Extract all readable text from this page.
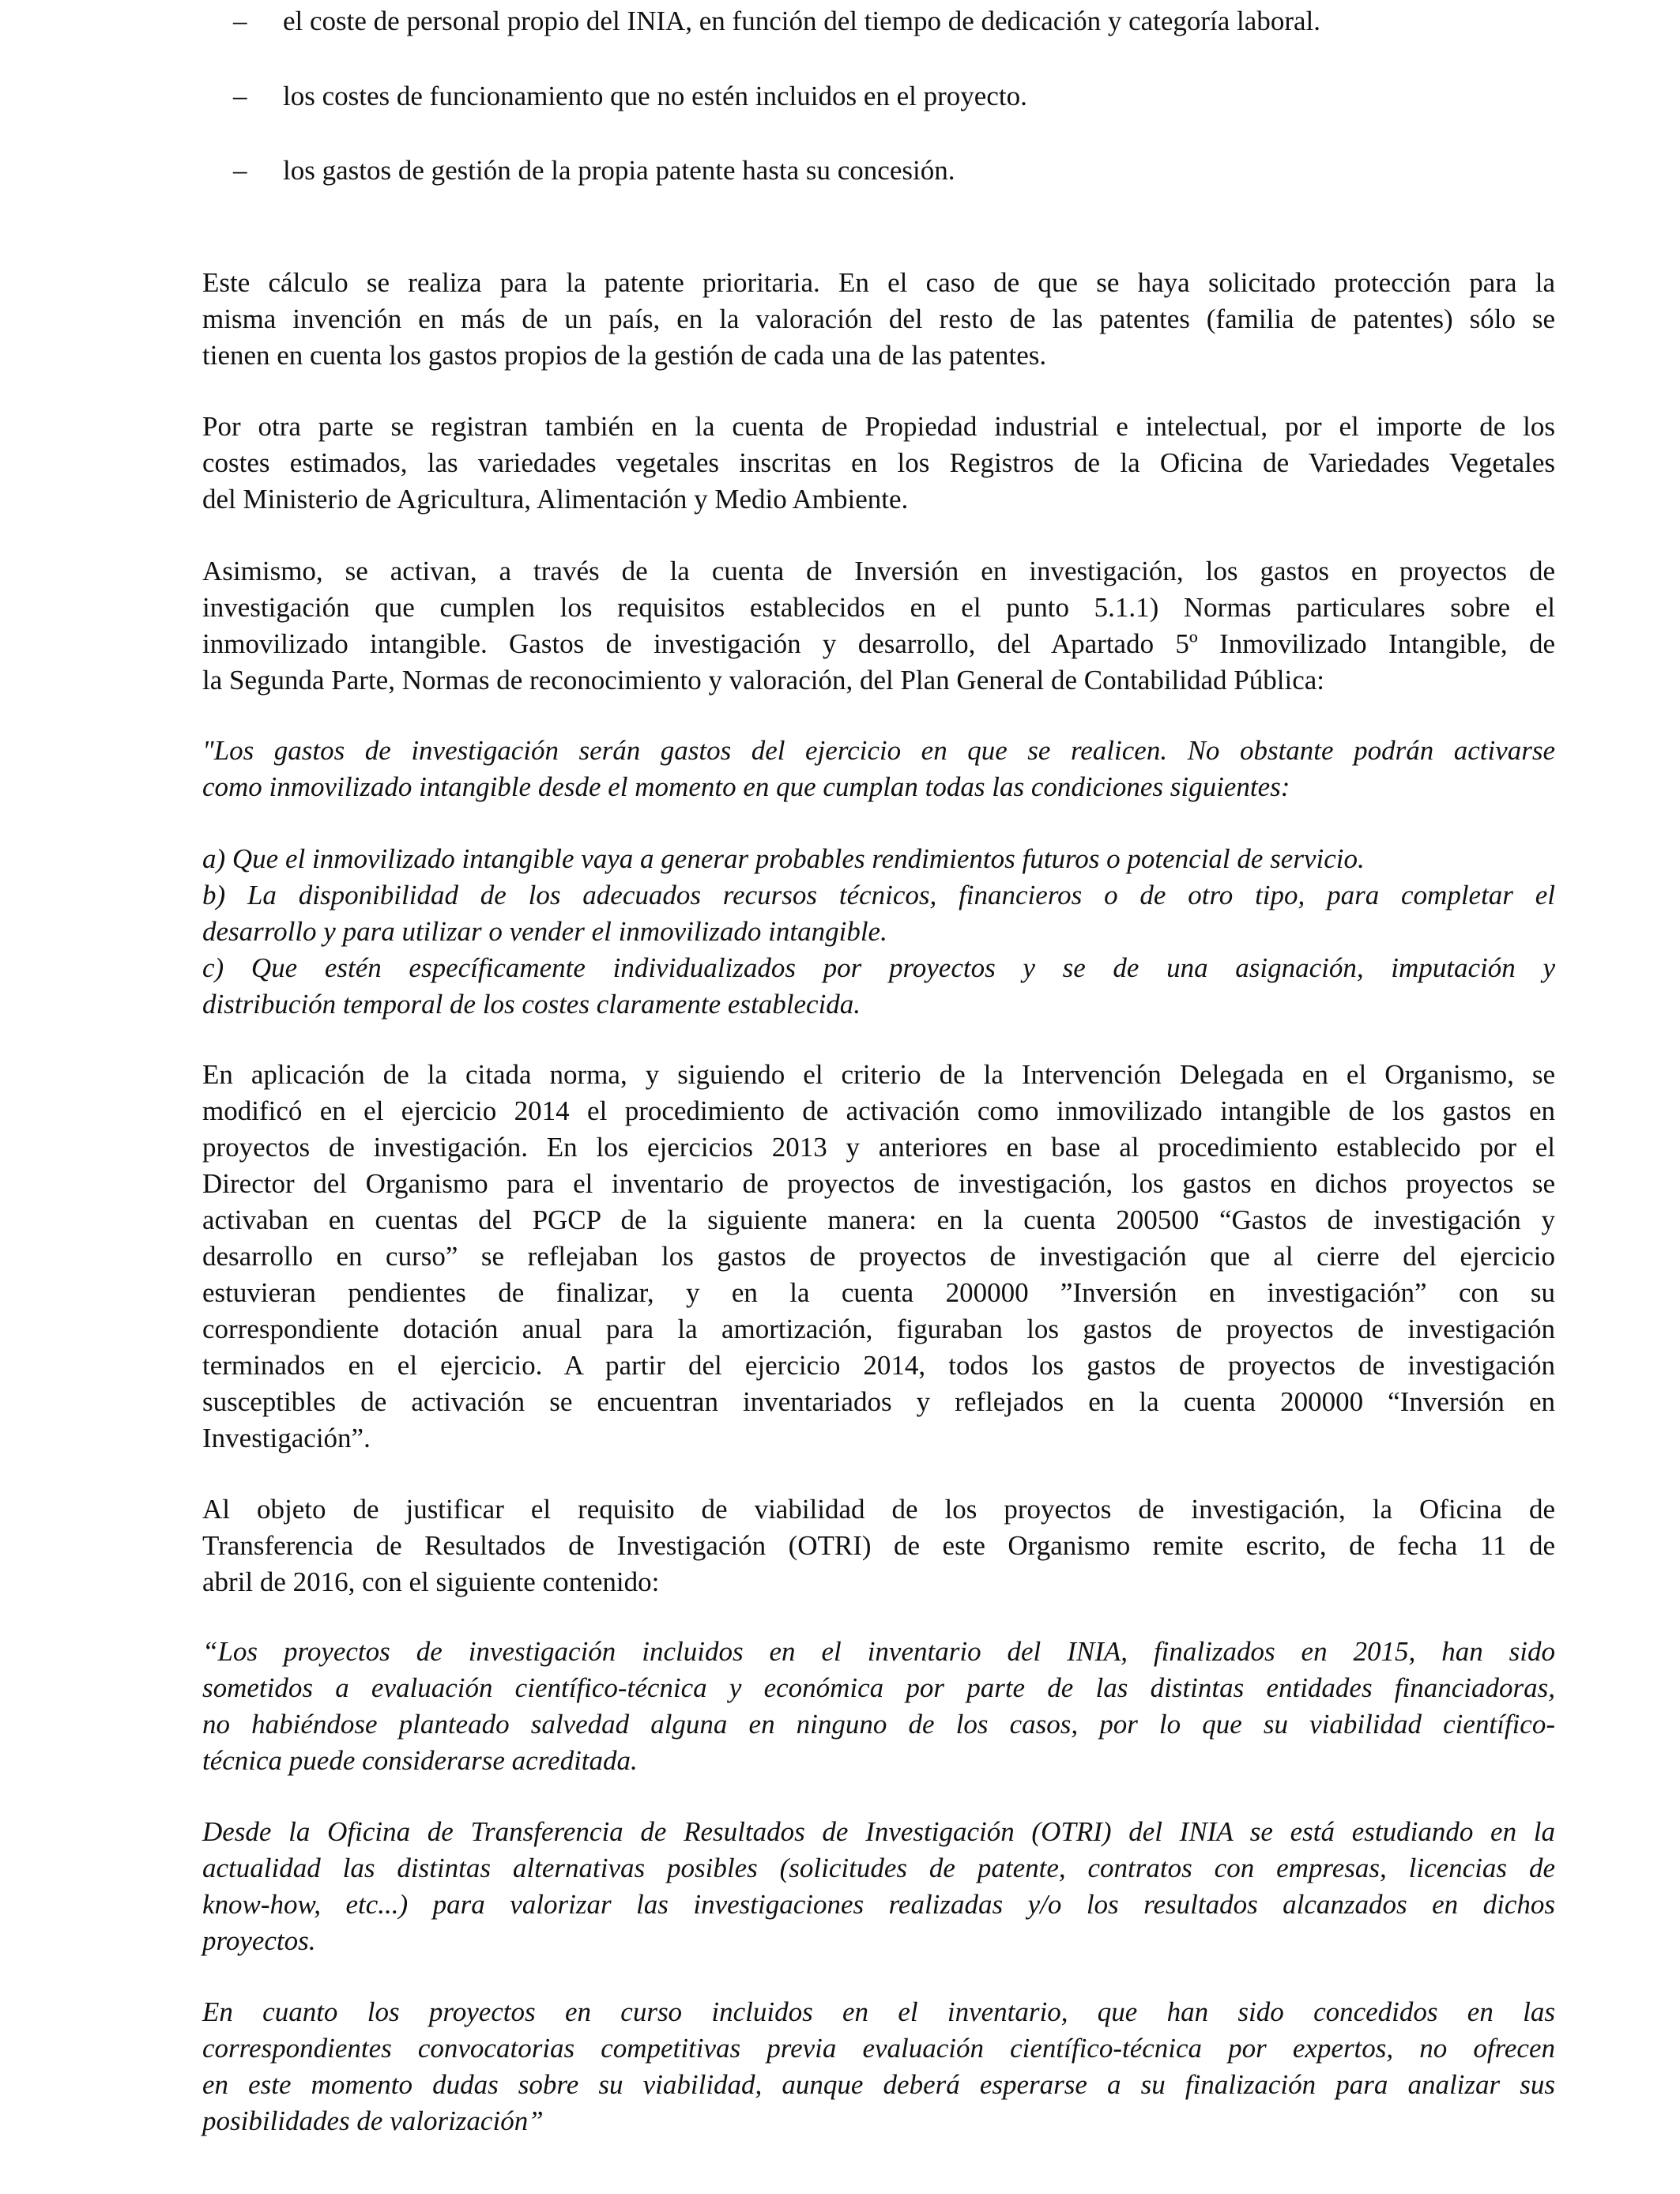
– el coste de personal propio del INIA, en función del tiempo de dedicación y categoría laboral.
– los costes de funcionamiento que no estén incluidos en el proyecto.
– los gastos de gestión de la propia patente hasta su concesión.
Este cálculo se realiza para la patente prioritaria. En el caso de que se haya solicitado protección para la
misma invención en más de un país, en la valoración del resto de las patentes (familia de patentes) sólo se
tienen en cuenta los gastos propios de la gestión de cada una de las patentes.
Por otra parte se registran también en la cuenta de Propiedad industrial e intelectual, por el importe de los
costes estimados, las variedades vegetales inscritas en los Registros de la Oficina de Variedades Vegetales
del Ministerio de Agricultura, Alimentación y Medio Ambiente.
Asimismo, se activan, a través de la cuenta de Inversión en investigación, los gastos en proyectos de
investigación que cumplen los requisitos establecidos en el punto 5.1.1) Normas particulares sobre el
inmovilizado intangible. Gastos de investigación y desarrollo, del Apartado 5º Inmovilizado Intangible, de
la Segunda Parte, Normas de reconocimiento y valoración, del Plan General de Contabilidad Pública:
"Los gastos de investigación serán gastos del ejercicio en que se realicen. No obstante podrán activarse
como inmovilizado intangible desde el momento en que cumplan todas las condiciones siguientes:
a) Que el inmovilizado intangible vaya a generar probables rendimientos futuros o potencial de servicio.
b) La disponibilidad de los adecuados recursos técnicos, financieros o de otro tipo, para completar el
desarrollo y para utilizar o vender el inmovilizado intangible.
c) Que estén específicamente individualizados por proyectos y se de una asignación, imputación y
distribución temporal de los costes claramente establecida.
En aplicación de la citada norma, y siguiendo el criterio de la Intervención Delegada en el Organismo, se
modificó en el ejercicio 2014 el procedimiento de activación como inmovilizado intangible de los gastos en
proyectos de investigación. En los ejercicios 2013 y anteriores en base al procedimiento establecido por el
Director del Organismo para el inventario de proyectos de investigación, los gastos en dichos proyectos se
activaban en cuentas del PGCP de la siguiente manera: en la cuenta 200500 “Gastos de investigación y
desarrollo en curso” se reflejaban los gastos de proyectos de investigación que al cierre del ejercicio
estuvieran pendientes de finalizar, y en la cuenta 200000 ”Inversión en investigación” con su
correspondiente dotación anual para la amortización, figuraban los gastos de proyectos de investigación
terminados en el ejercicio. A partir del ejercicio 2014, todos los gastos de proyectos de investigación
susceptibles de activación se encuentran inventariados y reflejados en la cuenta 200000 “Inversión en
Investigación”.
Al objeto de justificar el requisito de viabilidad de los proyectos de investigación, la Oficina de
Transferencia de Resultados de Investigación (OTRI) de este Organismo remite escrito, de fecha 11 de
abril de 2016, con el siguiente contenido:
“Los proyectos de investigación incluidos en el inventario del INIA, finalizados en 2015, han sido
sometidos a evaluación científico-técnica y económica por parte de las distintas entidades financiadoras,
no habiéndose planteado salvedad alguna en ninguno de los casos, por lo que su viabilidad científico-
técnica puede considerarse acreditada.
Desde la Oficina de Transferencia de Resultados de Investigación (OTRI) del INIA se está estudiando en la
actualidad las distintas alternativas posibles (solicitudes de patente, contratos con empresas, licencias de
know-how, etc...) para valorizar las investigaciones realizadas y/o los resultados alcanzados en dichos
proyectos.
En cuanto los proyectos en curso incluidos en el inventario, que han sido concedidos en las
correspondientes convocatorias competitivas previa evaluación científico-técnica por expertos, no ofrecen
en este momento dudas sobre su viabilidad, aunque deberá esperarse a su finalización para analizar sus
posibilidades de valorización”
